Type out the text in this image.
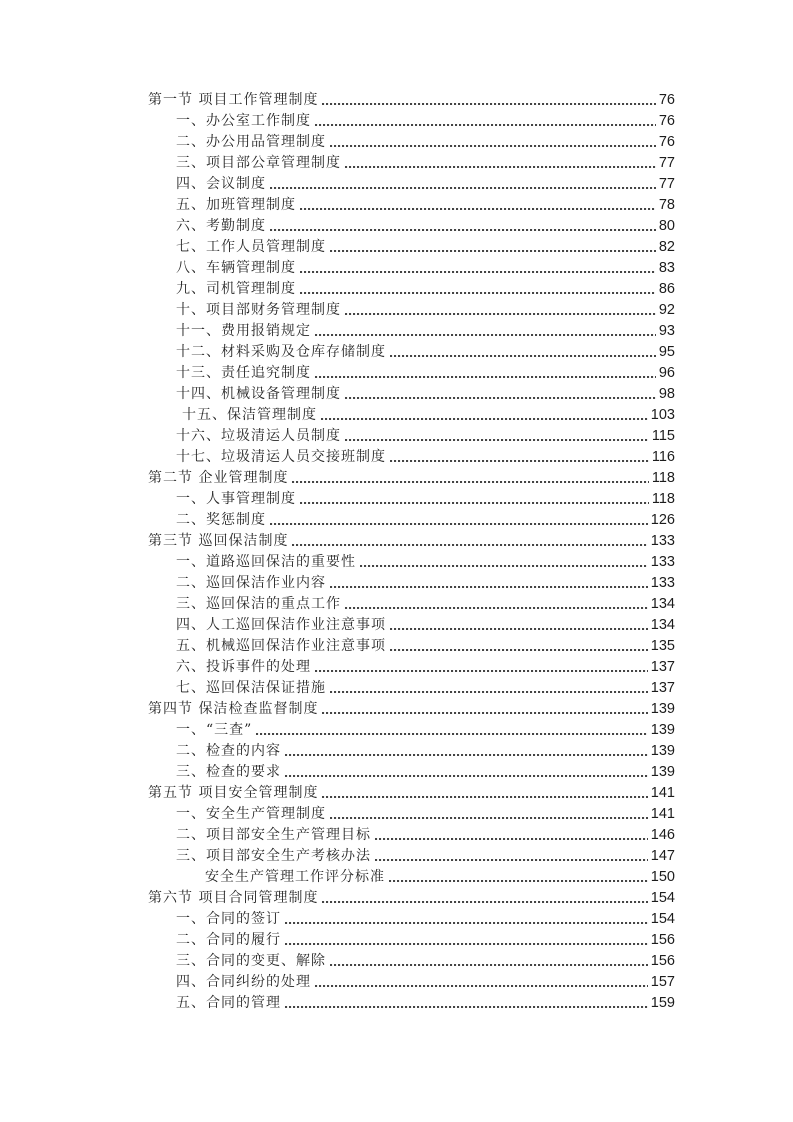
第一节 项目工作管理制度	76
一、办公室工作制度	76
二、办公用品管理制度	76
三、项目部公章管理制度	77
四、会议制度	77
五、加班管理制度	78
六、考勤制度	80
七、工作人员管理制度	82
八、车辆管理制度	83
九、司机管理制度	86
十、项目部财务管理制度	92
十一、费用报销规定	93
十二、材料采购及仓库存储制度	95
十三、责任追究制度	96
十四、机械设备管理制度	98
十五、保洁管理制度	103
十六、垃圾清运人员制度	115
十七、垃圾清运人员交接班制度	116
第二节 企业管理制度	118
一、人事管理制度	118
二、奖惩制度	126
第三节 巡回保洁制度	133
一、道路巡回保洁的重要性	133
二、巡回保洁作业内容	133
三、巡回保洁的重点工作	134
四、人工巡回保洁作业注意事项	134
五、机械巡回保洁作业注意事项	135
六、投诉事件的处理	137
七、巡回保洁保证措施	137
第四节 保洁检查监督制度	139
一、“三查”	139
二、检查的内容	139
三、检查的要求	139
第五节 项目安全管理制度	141
一、安全生产管理制度	141
二、项目部安全生产管理目标	146
三、项目部安全生产考核办法	147
安全生产管理工作评分标准	150
第六节 项目合同管理制度	154
一、合同的签订	154
二、合同的履行	156
三、合同的变更、解除	156
四、合同纠纷的处理	157
五、合同的管理	159
